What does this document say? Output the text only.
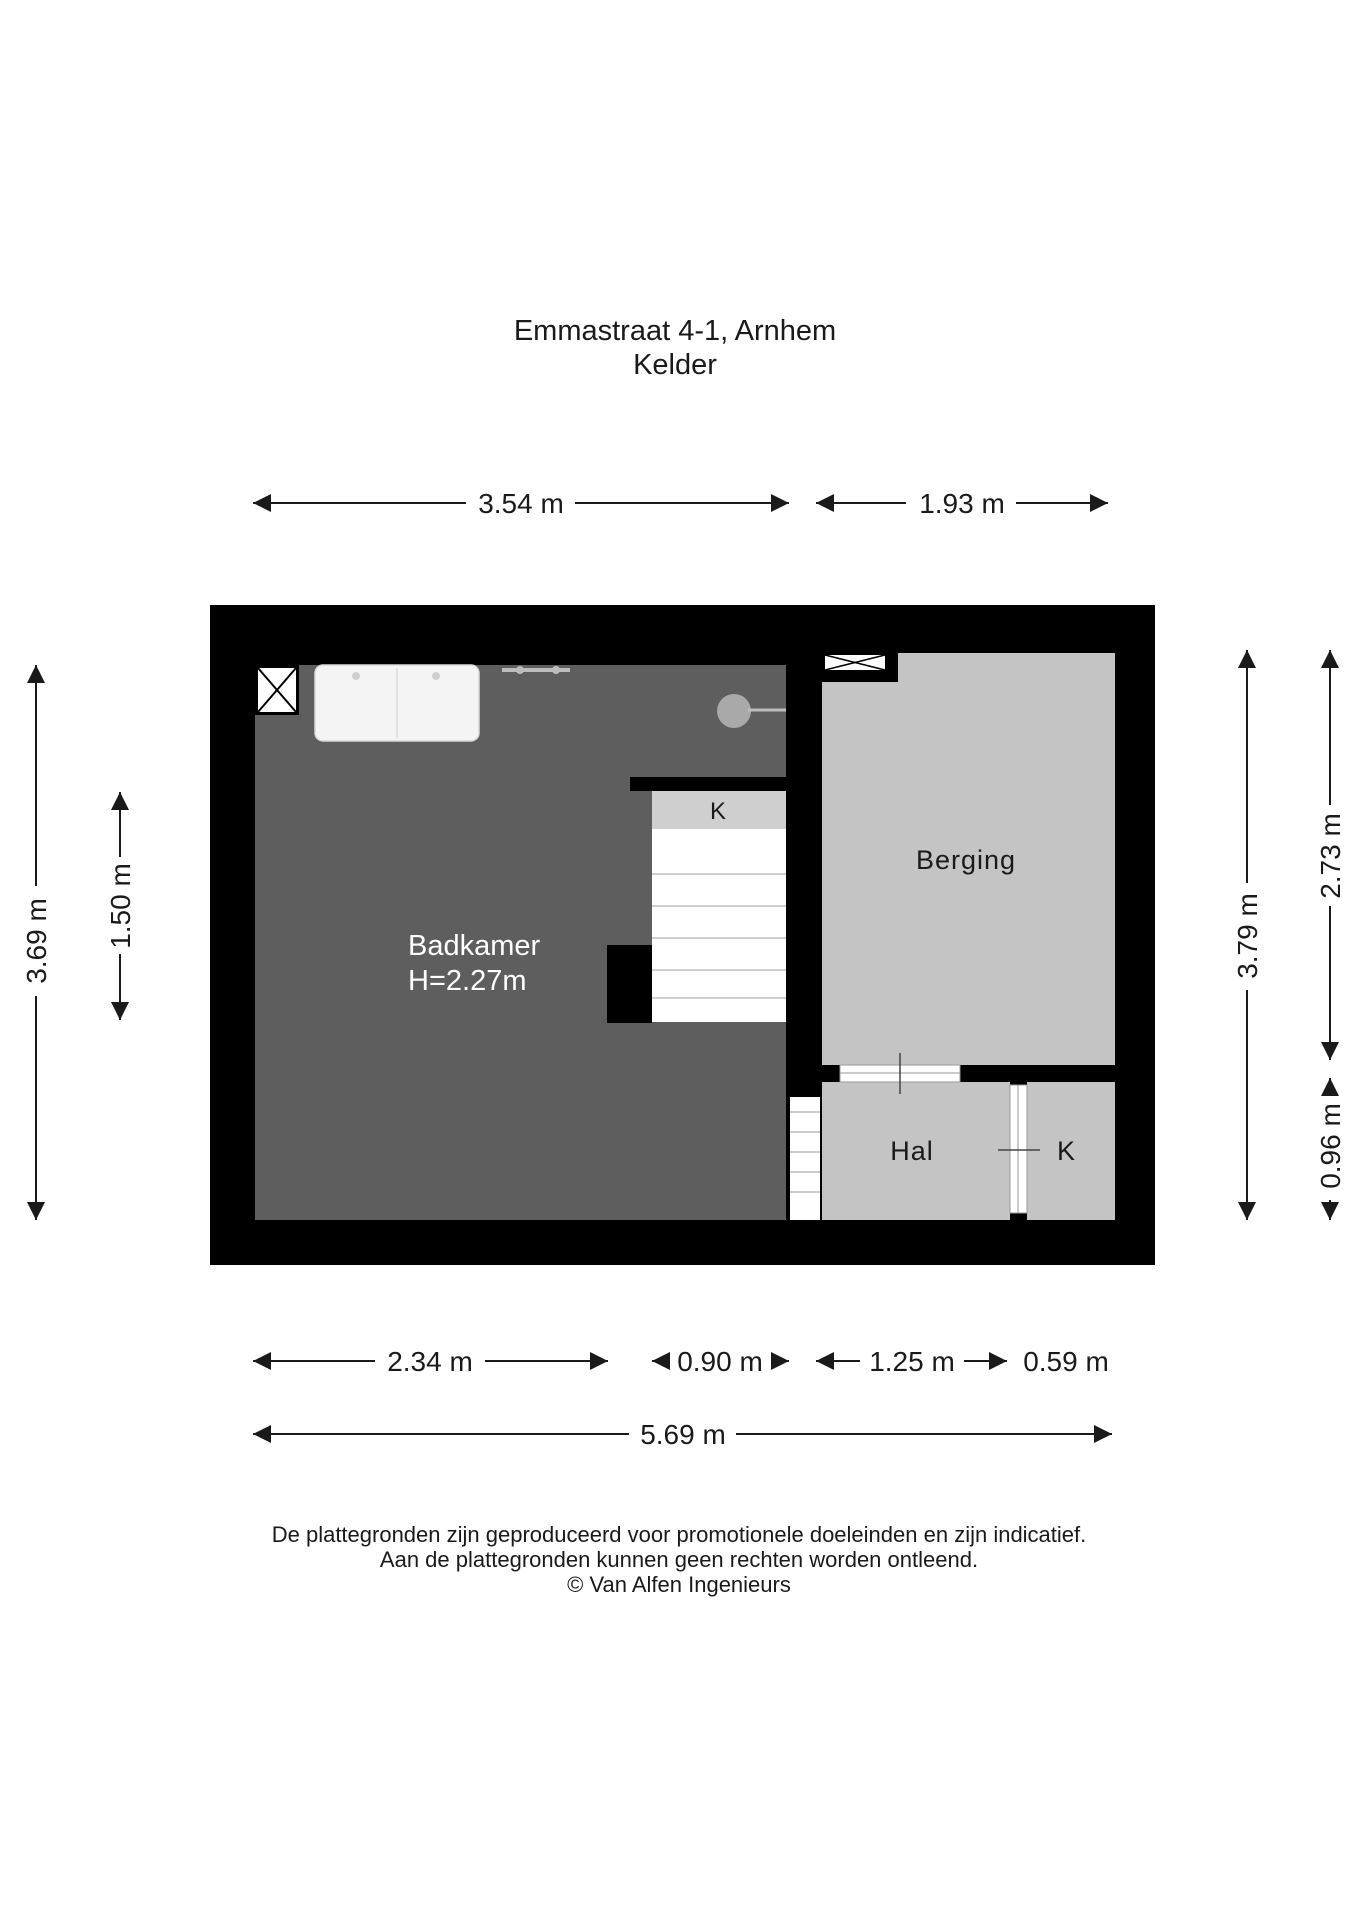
Emmastraat 4-1, Arnhem
Kelder
3.54 m	1.93 m
3.69 m 1.50 m	3.79 m
2.73 m
0.96 m
K
Badkamer
H=2.27m
Berging
Hal	K
2.34 m	0.90 m	1.25 m 0.59 m
5.69 m
De plattegronden zijn geproduceerd voor promotionele doeleinden en zijn indicatief.
Aan de plattegronden kunnen geen rechten worden ontleend.
© Van Alfen Ingenieurs
